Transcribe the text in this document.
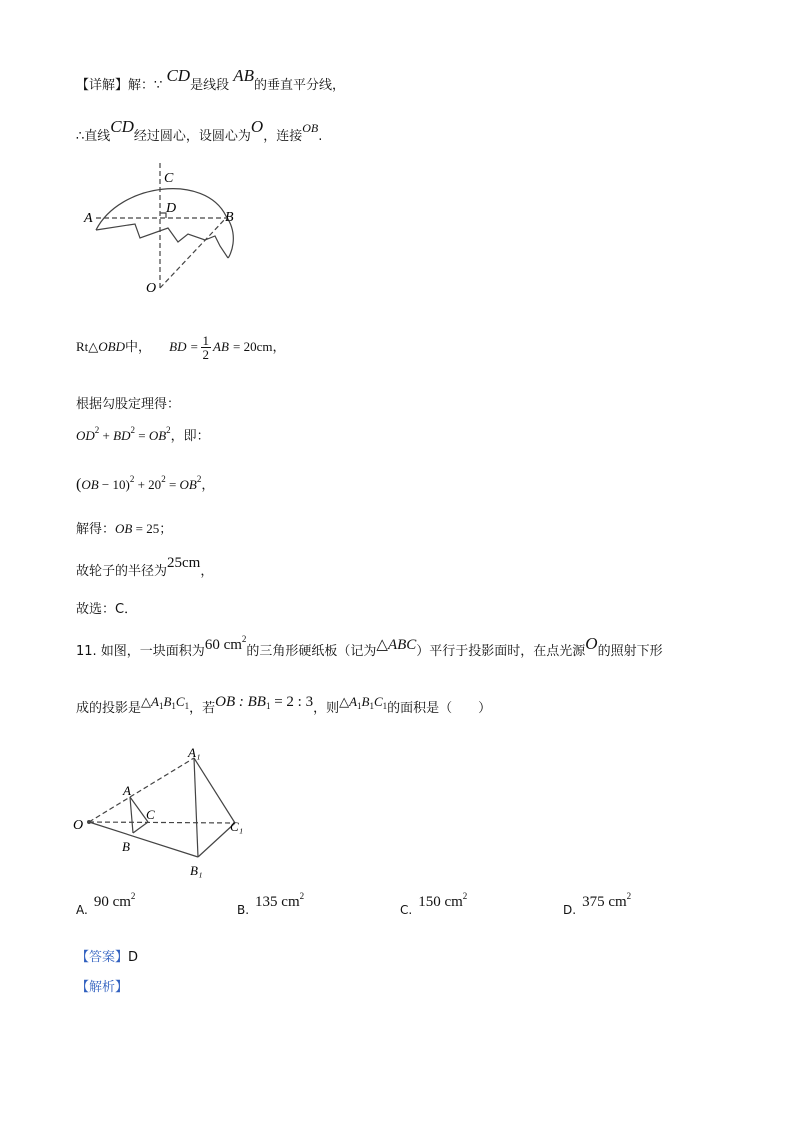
【详解】解：∵ CD是线段 AB的垂直平分线，
∴直线CD经过圆心，设圆心为O，连接OB.
C
A
D
B
O
Rt△OBD中， BD = $\frac{1}{2}$ AB = 20cm，
根据勾股定理得：
$OD^2 + BD^2 = OB^2$，即：
$(OB - 10)^2 + 20^2 = OB^2$，
解得：OB = 25；
故轮子的半径为25cm，
故选：C．
11. 如图，一块面积为60 $cm^2$的三角形硬纸板（记为△ABC）平行于投影面时，在点光源O的照射下形
成的投影是$\triangle A^1B^1C^1$，若OB : $BB^1 = 2$ : 3，则$\triangle A^1B^1C^1$的面积是（　　）
A₁
A
C
O	C₁
B
B₁
A. 90 $cm^2$
B. 135 $cm^2$
C. 150 $cm^2$
D. 375 $cm^2$
【答案】D
【解析】
